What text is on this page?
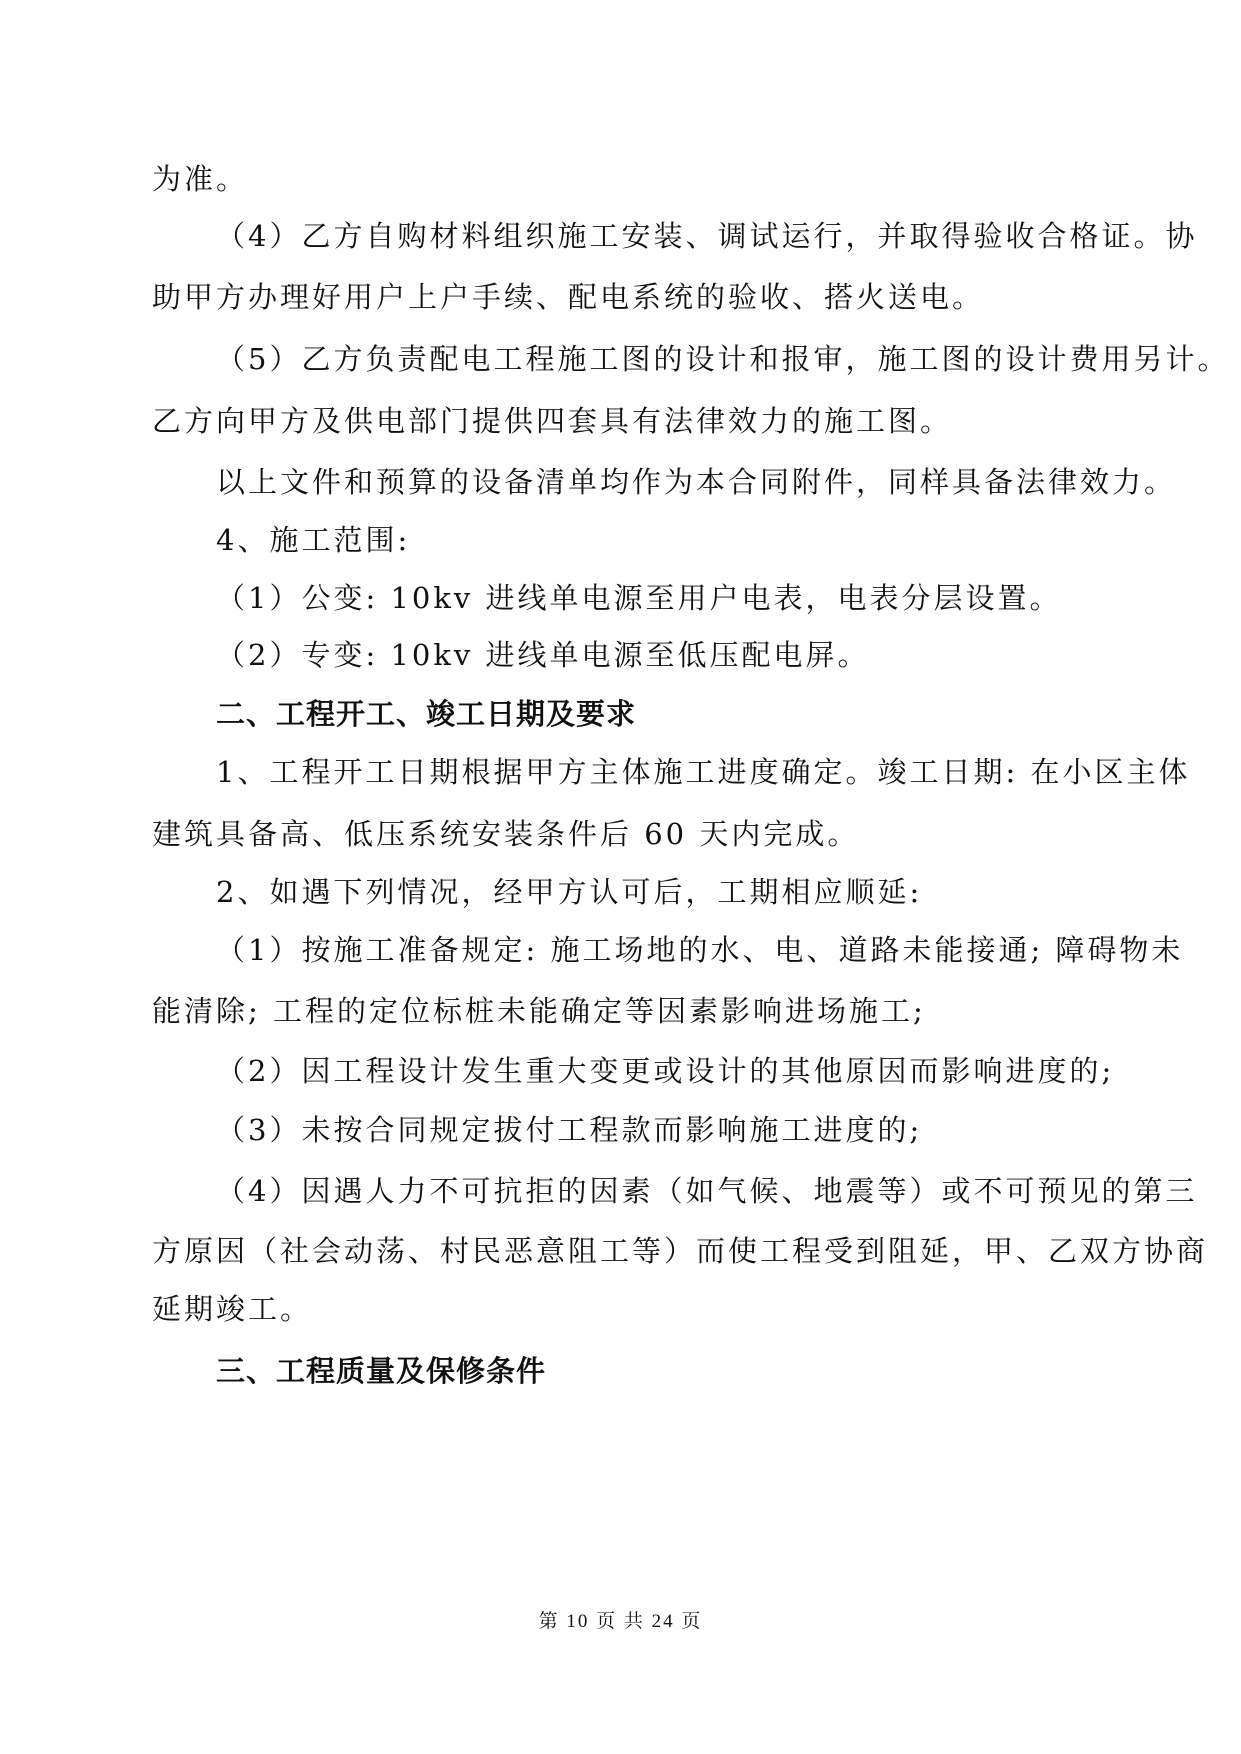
为准。
（4）乙方自购材料组织施工安装、调试运行，并取得验收合格证。协
助甲方办理好用户上户手续、配电系统的验收、搭火送电。
（5）乙方负责配电工程施工图的设计和报审，施工图的设计费用另计。
乙方向甲方及供电部门提供四套具有法律效力的施工图。
以上文件和预算的设备清单均作为本合同附件，同样具备法律效力。
4、施工范围:
（1）公变: 10kv 进线单电源至用户电表，电表分层设置。
（2）专变: 10kv 进线单电源至低压配电屏。
二、工程开工、竣工日期及要求
1、工程开工日期根据甲方主体施工进度确定。竣工日期: 在小区主体
建筑具备高、低压系统安装条件后 60 天内完成。
2、如遇下列情况，经甲方认可后，工期相应顺延:
（1）按施工准备规定: 施工场地的水、电、道路未能接通; 障碍物未
能清除; 工程的定位标桩未能确定等因素影响进场施工;
（2）因工程设计发生重大变更或设计的其他原因而影响进度的;
（3）未按合同规定拔付工程款而影响施工进度的;
（4）因遇人力不可抗拒的因素（如气候、地震等）或不可预见的第三
方原因（社会动荡、村民恶意阻工等）而使工程受到阻延，甲、乙双方协商
延期竣工。
三、工程质量及保修条件
第 10 页 共 24 页
